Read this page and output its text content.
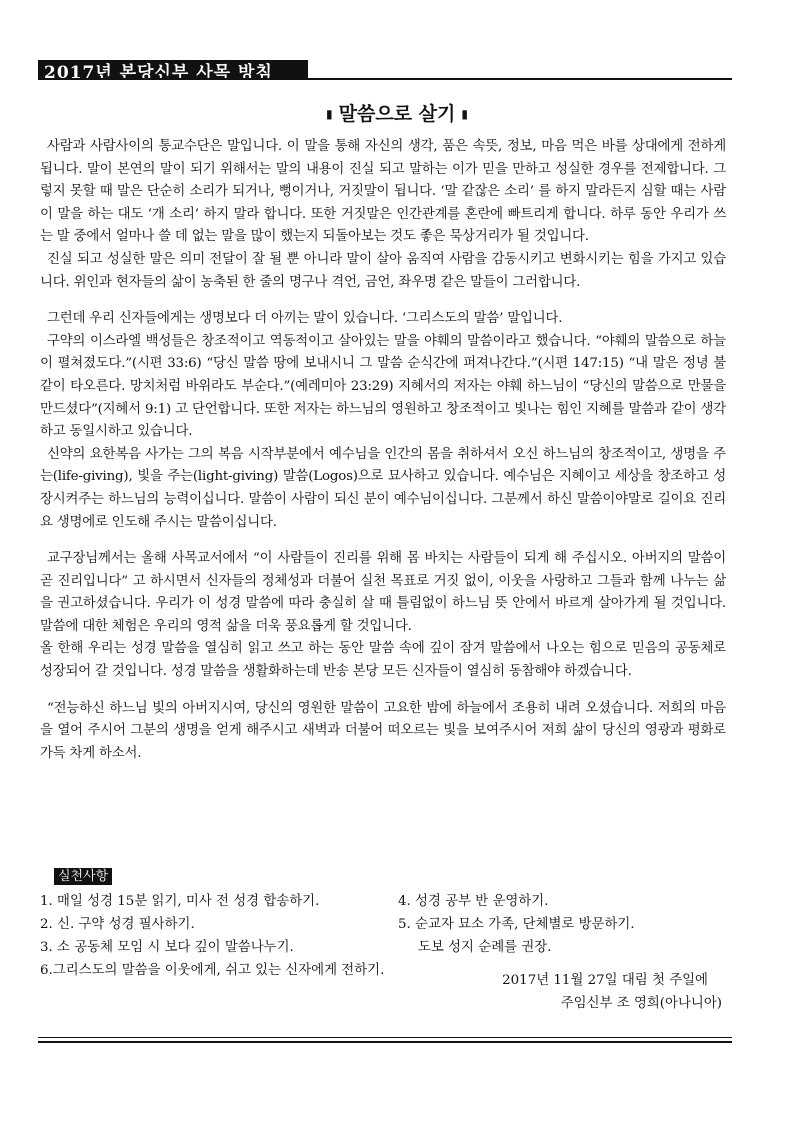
2017년 본당신부 사목 방침
▮ 말씀으로 살기 ▮

사람과 사람사이의 통교수단은 말입니다. 이 말을 통해 자신의 생각, 품은 속뜻, 정보, 마음 먹은 바를 상대에게 전하게 됩니다. 말이 본연의 말이 되기 위해서는 말의 내용이 진실 되고 말하는 이가 믿을 만하고 성실한 경우를 전제합니다. 그렇지 못할 때 말은 단순히 소리가 되거나, 뻥이거나, 거짓말이 됩니다. ‘말 같잖은 소리’ 를 하지 말라든지 심할 때는 사람이 말을 하는 대도 ‘개 소리’ 하지 말라 합니다. 또한 거짓말은 인간관계를 혼란에 빠트리게 합니다. 하루 동안 우리가 쓰는 말 중에서 얼마나 쓸 데 없는 말을 많이 했는지 되돌아보는 것도 좋은 묵상거리가 될 것입니다.

진실 되고 성실한 말은 의미 전달이 잘 될 뿐 아니라 말이 살아 움직여 사람을 감동시키고 변화시키는 힘을 가지고 있습니다. 위인과 현자들의 삶이 농축된 한 줄의 명구나 격언, 금언, 좌우명 같은 말들이 그러합니다.

그런데 우리 신자들에게는 생명보다 더 아끼는 말이 있습니다. ‘그리스도의 말씀’ 말입니다.

구약의 이스라엘 백성들은 창조적이고 역동적이고 살아있는 말을 야훼의 말씀이라고 했습니다. “야훼의 말씀으로 하늘이 펼쳐졌도다.”(시편 33:6) “당신 말씀 땅에 보내시니 그 말씀 순식간에 퍼져나간다.”(시편 147:15) “내 말은 정녕 불같이 타오른다. 망치처럼 바위라도 부순다.”(예레미아 23:29) 지혜서의 저자는 야훼 하느님이 “당신의 말씀으로 만물을 만드셨다”(지혜서 9:1) 고 단언합니다. 또한 저자는 하느님의 영원하고 창조적이고 빛나는 힘인 지혜를 말씀과 같이 생각하고 동일시하고 있습니다.

신약의 요한복음 사가는 그의 복음 시작부분에서 예수님을 인간의 몸을 취하셔서 오신 하느님의 창조적이고, 생명을 주는(life-giving), 빛을 주는(light-giving) 말씀(Logos)으로 묘사하고 있습니다. 예수님은 지혜이고 세상을 창조하고 성장시켜주는 하느님의 능력이십니다. 말씀이 사람이 되신 분이 예수님이십니다. 그분께서 하신 말씀이야말로 길이요 진리요 생명에로 인도해 주시는 말씀이십니다.

교구장님께서는 올해 사목교서에서 “이 사람들이 진리를 위해 몸 바치는 사람들이 되게 해 주십시오. 아버지의 말씀이 곧 진리입니다” 고 하시면서 신자들의 정체성과 더불어 실천 목표로 거짓 없이, 이웃을 사랑하고 그들과 함께 나누는 삶을 권고하셨습니다. 우리가 이 성경 말씀에 따라 충실히 살 때 틀림없이 하느님 뜻 안에서 바르게 살아가게 될 것입니다. 말씀에 대한 체험은 우리의 영적 삶을 더욱 풍요롭게 할 것입니다.

올 한해 우리는 성경 말씀을 열심히 읽고 쓰고 하는 동안 말씀 속에 깊이 잠겨 말씀에서 나오는 힘으로 믿음의 공동체로 성장되어 갈 것입니다. 성경 말씀을 생활화하는데 반송 본당 모든 신자들이 열심히 동참해야 하겠습니다.

“전능하신 하느님 빛의 아버지시여, 당신의 영원한 말씀이 고요한 밤에 하늘에서 조용히 내려 오셨습니다. 저희의 마음을 열어 주시어 그분의 생명을 얻게 해주시고 새벽과 더불어 떠오르는 빛을 보여주시어 저희 삶이 당신의 영광과 평화로 가득 차게 하소서.

실천사항
1. 매일 성경 15분 읽기, 미사 전 성경 합송하기.	4. 성경 공부 반 운영하기.
2. 신. 구약 성경 필사하기.	5. 순교자 묘소 가족, 단체별로 방문하기.
3. 소 공동체 모임 시 보다 깊이 말씀나누기.	도보 성지 순례를 권장.
6.그리스도의 말씀을 이웃에게, 쉬고 있는 신자에게 전하기.
2017년 11월 27일 대림 첫 주일에
주임신부 조 영희(아나니아)
